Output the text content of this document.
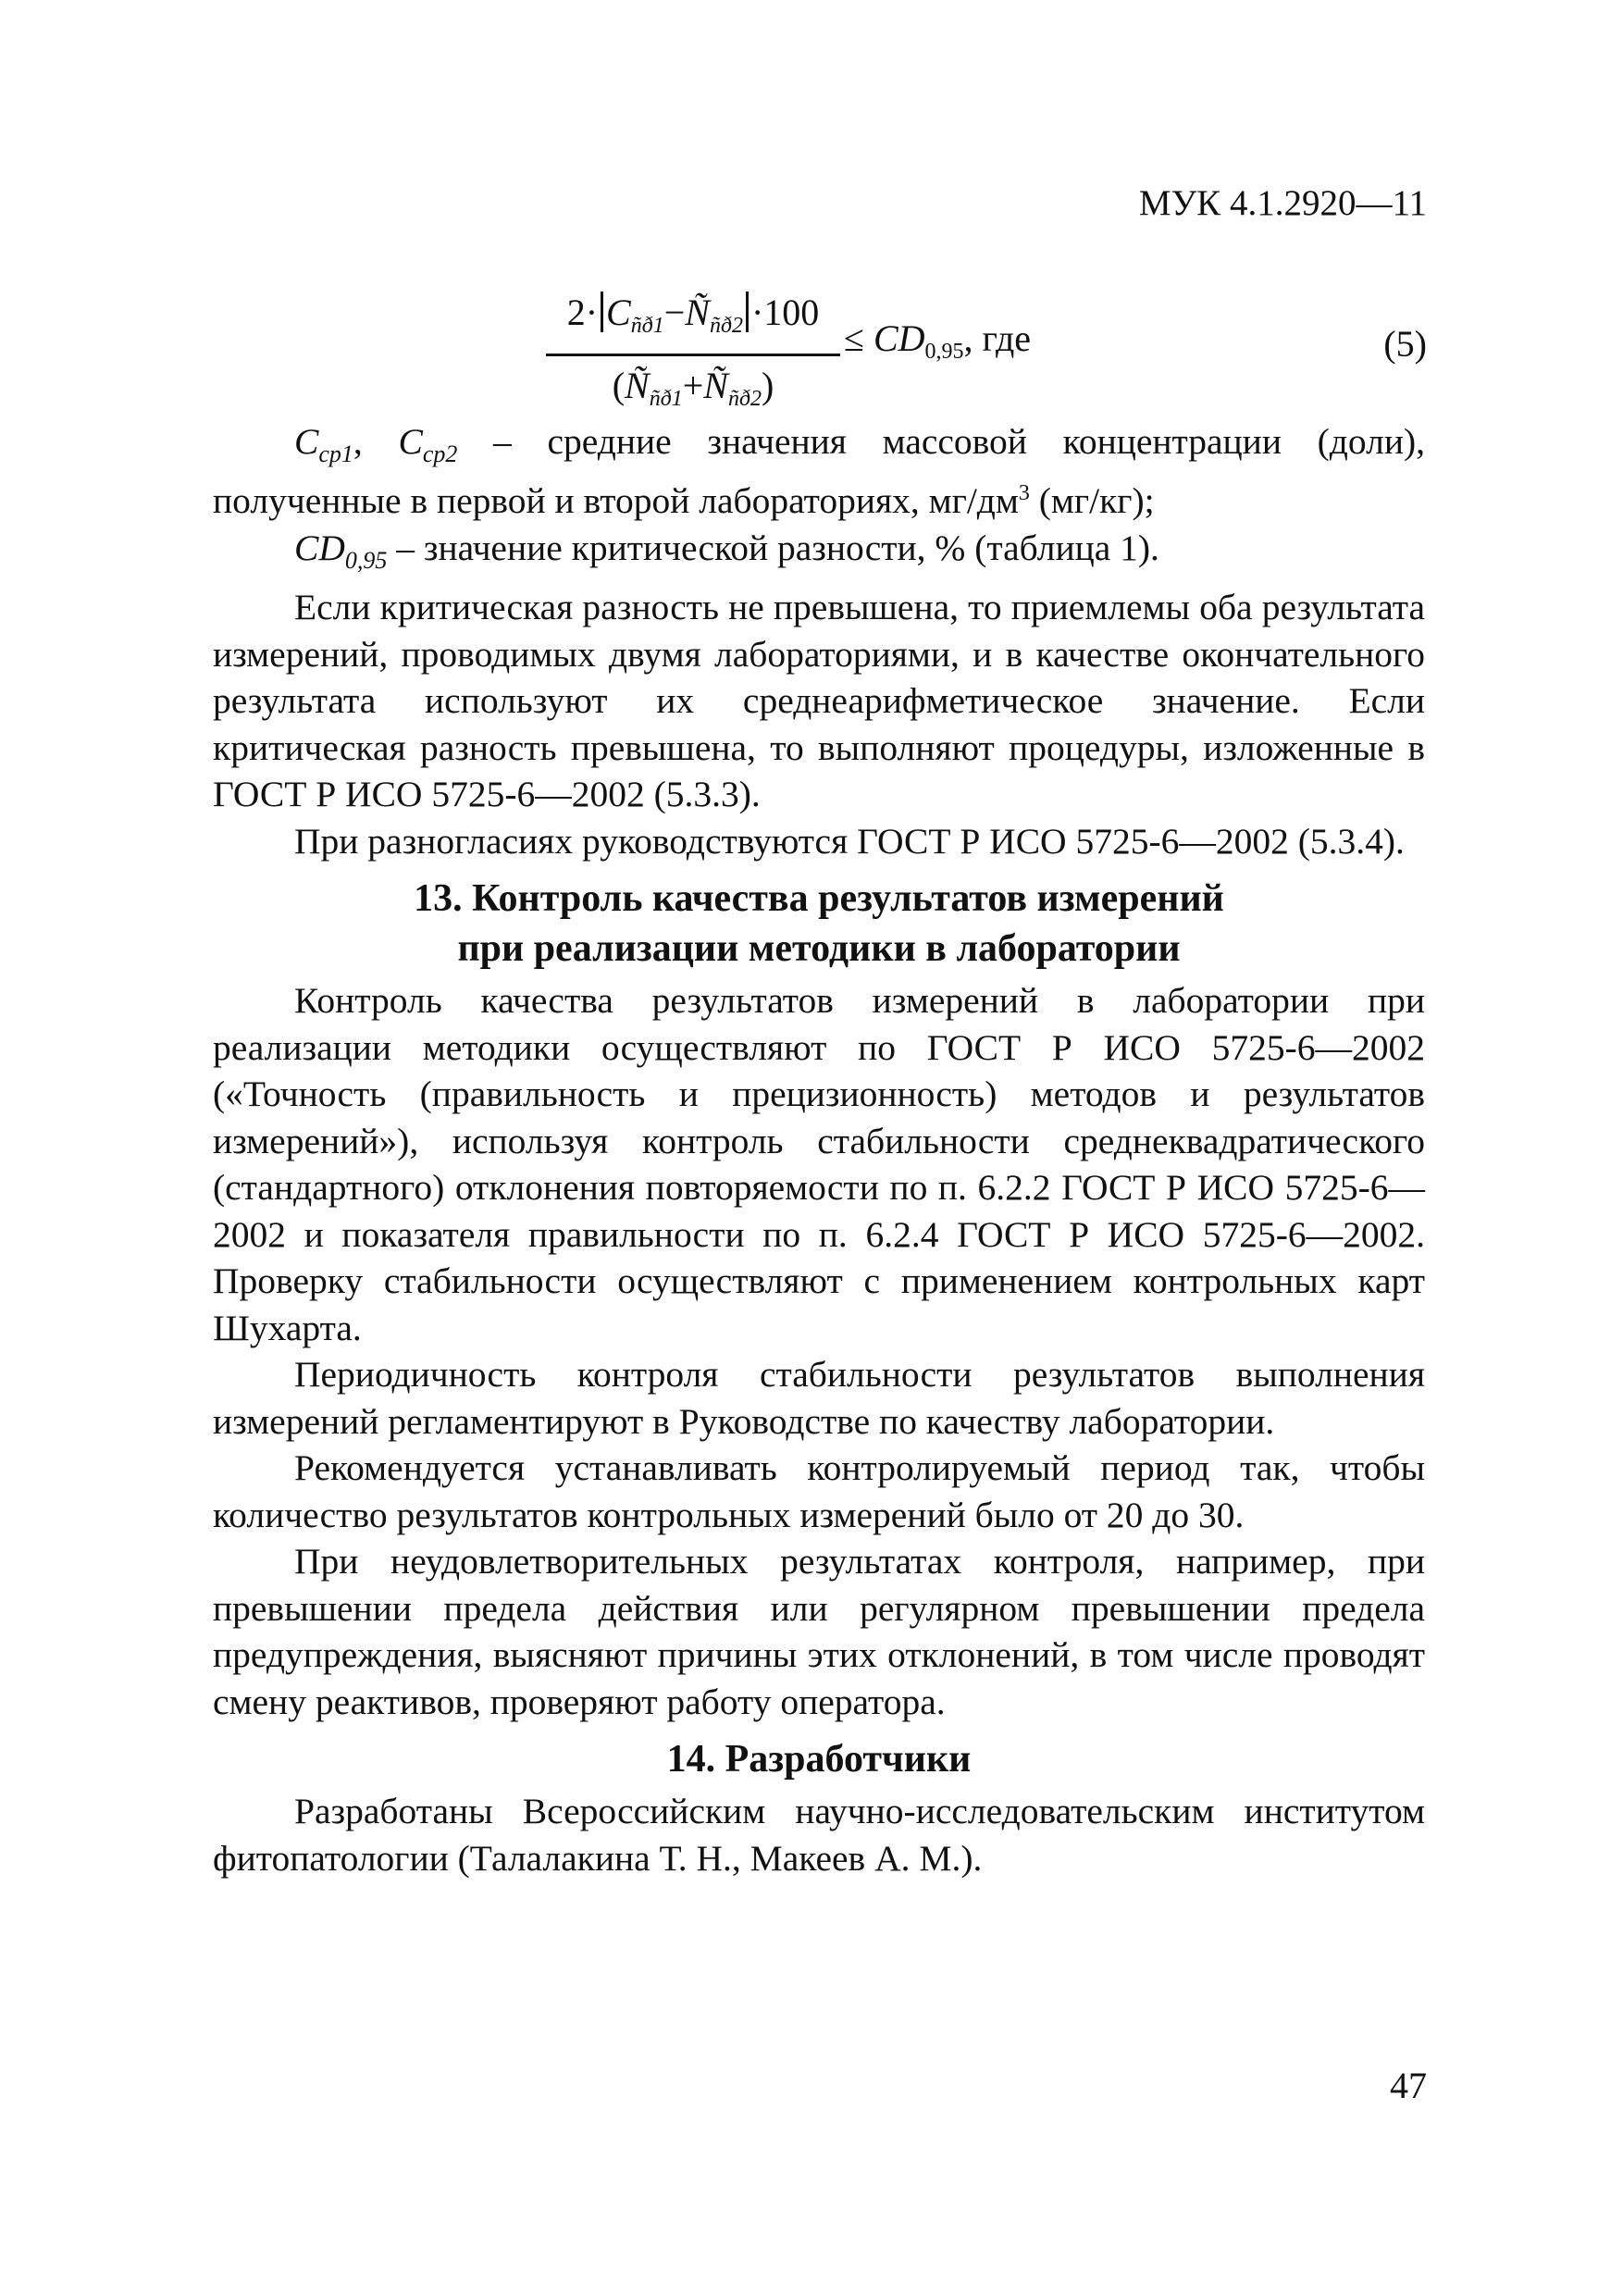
МУК 4.1.2920—11
$2\cdot C_{ñð1}-Ñ_{ñð2} \cdot 100$
$(Ñ_{ñð1}+Ñ_{ñð2})$
≤ $CD_{0,95}$, где	(5)

$C_{cp1}$, $C_{cp2}$ – средние значения массовой концентрации (доли), полученные в первой и второй лабораториях, $мг/дм^3$ (мг/кг);

$CD_{0,95}$ – значение критической разности, % (таблица 1).

Если критическая разность не превышена, то приемлемы оба результата измерений, проводимых двумя лабораториями, и в качестве окончательного результата используют их среднеарифметическое значение. Если критическая разность превышена, то выполняют процедуры, изложенные в ГОСТ Р ИСО 5725-6—2002 (5.3.3).

При разногласиях руководствуются ГОСТ Р ИСО 5725-6—2002 (5.3.4).

13. Контроль качества результатов измерений
при реализации методики в лаборатории

Контроль качества результатов измерений в лаборатории при реализации методики осуществляют по ГОСТ Р ИСО 5725-6—2002 («Точность (правильность и прецизионность) методов и результатов измерений»), используя контроль стабильности среднеквадратического (стандартного) отклонения повторяемости по п. 6.2.2 ГОСТ Р ИСО 5725-6—2002 и показателя правильности по п. 6.2.4 ГОСТ Р ИСО 5725-6—2002. Проверку стабильности осуществляют с применением контрольных карт Шухарта.

Периодичность контроля стабильности результатов выполнения измерений регламентируют в Руководстве по качеству лаборатории.

Рекомендуется устанавливать контролируемый период так, чтобы количество результатов контрольных измерений было от 20 до 30.

При неудовлетворительных результатах контроля, например, при превышении предела действия или регулярном превышении предела предупреждения, выясняют причины этих отклонений, в том числе проводят смену реактивов, проверяют работу оператора.

14. Разработчики

Разработаны Всероссийским научно-исследовательским институтом фитопатологии (Талалакина Т. Н., Макеев А. М.).

47
